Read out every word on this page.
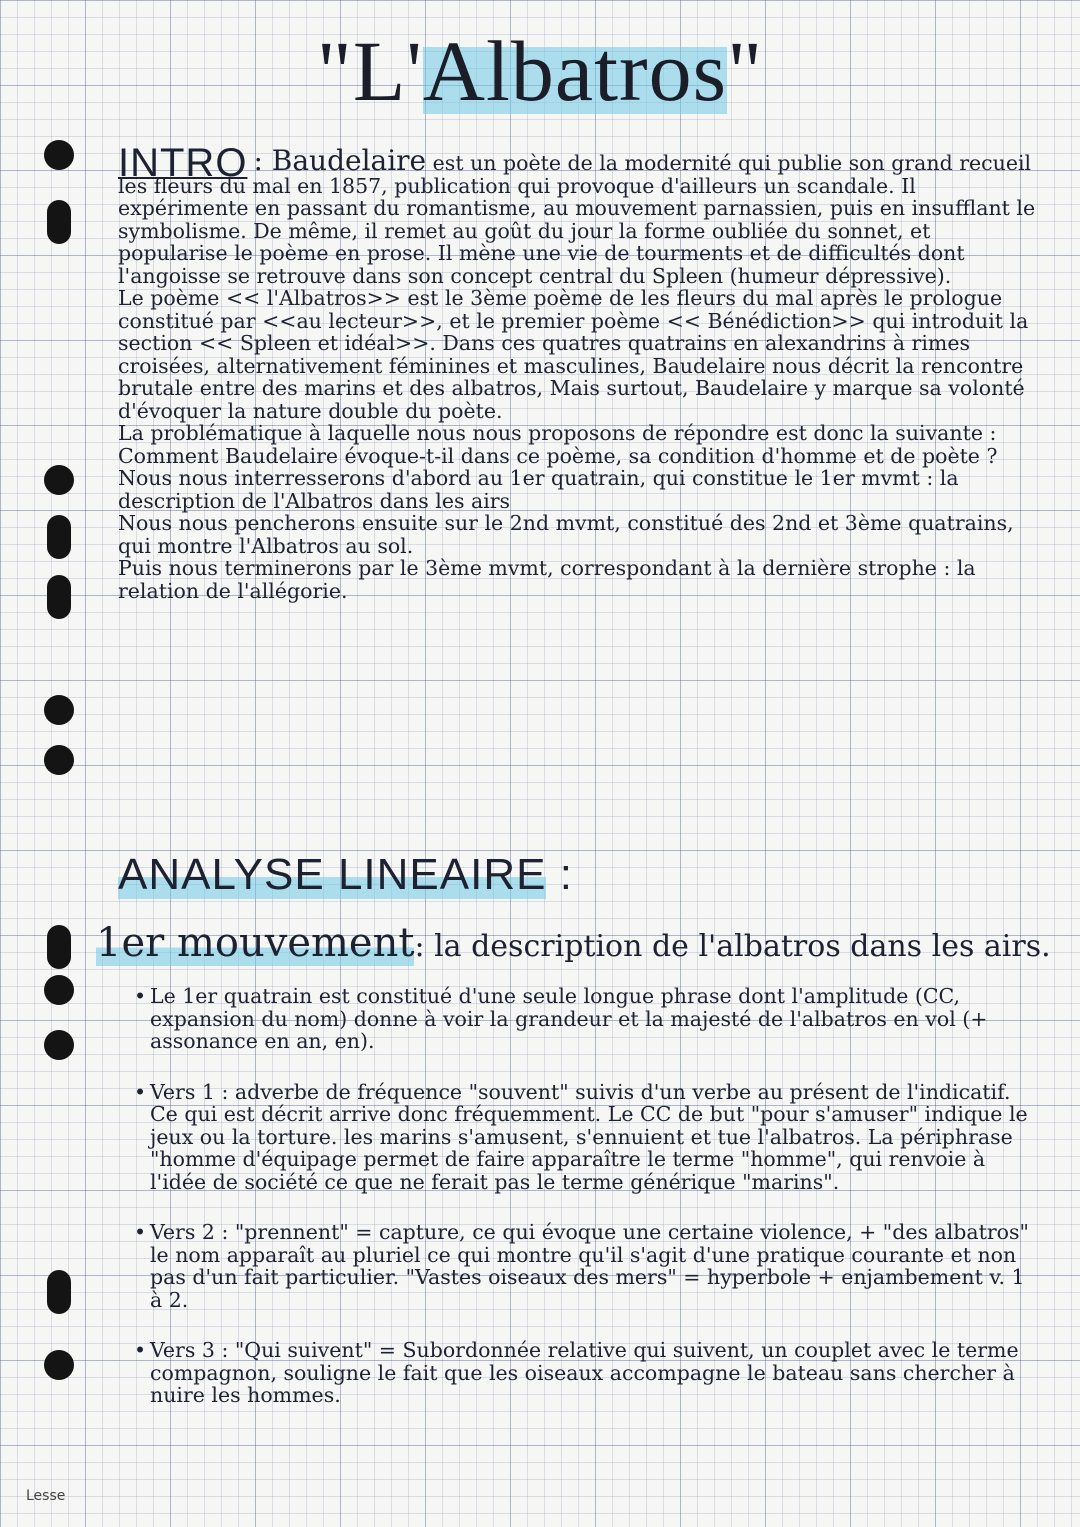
"L'Albatros"

INTRO : Baudelaire est un poète de la modernité qui publie son grand recueil les fleurs du mal en 1857, publication qui provoque d'ailleurs un scandale. Il expérimente en passant du romantisme, au mouvement parnassien, puis en insufflant le symbolisme. De même, il remet au goût du jour la forme oubliée du sonnet, et popularise le poème en prose. Il mène une vie de tourments et de difficultés dont l'angoisse se retrouve dans son concept central du Spleen (humeur dépressive).

Le poème << l'Albatros>> est le 3ème poème de les fleurs du mal après le prologue constitué par <<au lecteur>>, et le premier poème << Bénédiction>> qui introduit la section << Spleen et idéal>>. Dans ces quatres quatrains en alexandrins à rimes croisées, alternativement féminines et masculines, Baudelaire nous décrit la rencontre brutale entre des marins et des albatros, Mais surtout, Baudelaire y marque sa volonté d'évoquer la nature double du poète.

La problématique à laquelle nous nous proposons de répondre est donc la suivante : Comment Baudelaire évoque-t-il dans ce poème, sa condition d'homme et de poète ?

Nous nous interresserons d'abord au 1er quatrain, qui constitue le 1er mvmt : la description de l'Albatros dans les airs

Nous nous pencherons ensuite sur le 2nd mvmt, constitué des 2nd et 3ème quatrains, qui montre l'Albatros au sol.

Puis nous terminerons par le 3ème mvmt, correspondant à la dernière strophe : la relation de l'allégorie.

ANALYSE LINEAIRE :
1er mouvement: la description de l'albatros dans les airs.
• Le 1er quatrain est constitué d'une seule longue phrase dont l'amplitude (CC, expansion du nom) donne à voir la grandeur et la majesté de l'albatros en vol (+ assonance en an, en).
• Vers 1 : adverbe de fréquence "souvent" suivis d'un verbe au présent de l'indicatif. Ce qui est décrit arrive donc fréquemment. Le CC de but "pour s'amuser" indique le jeux ou la torture. les marins s'amusent, s'ennuient et tue l'albatros. La périphrase "homme d'équipage permet de faire apparaître le terme "homme", qui renvoie à l'idée de société ce que ne ferait pas le terme générique "marins".
• Vers 2 : "prennent" = capture, ce qui évoque une certaine violence, + "des albatros" le nom apparaît au pluriel ce qui montre qu'il s'agit d'une pratique courante et non pas d'un fait particulier. "Vastes oiseaux des mers" = hyperbole + enjambement v. 1 à 2.
• Vers 3 : "Qui suivent" = Subordonnée relative qui suivent, un couplet avec le terme compagnon, souligne le fait que les oiseaux accompagne le bateau sans chercher à nuire les hommes.
Lesse
